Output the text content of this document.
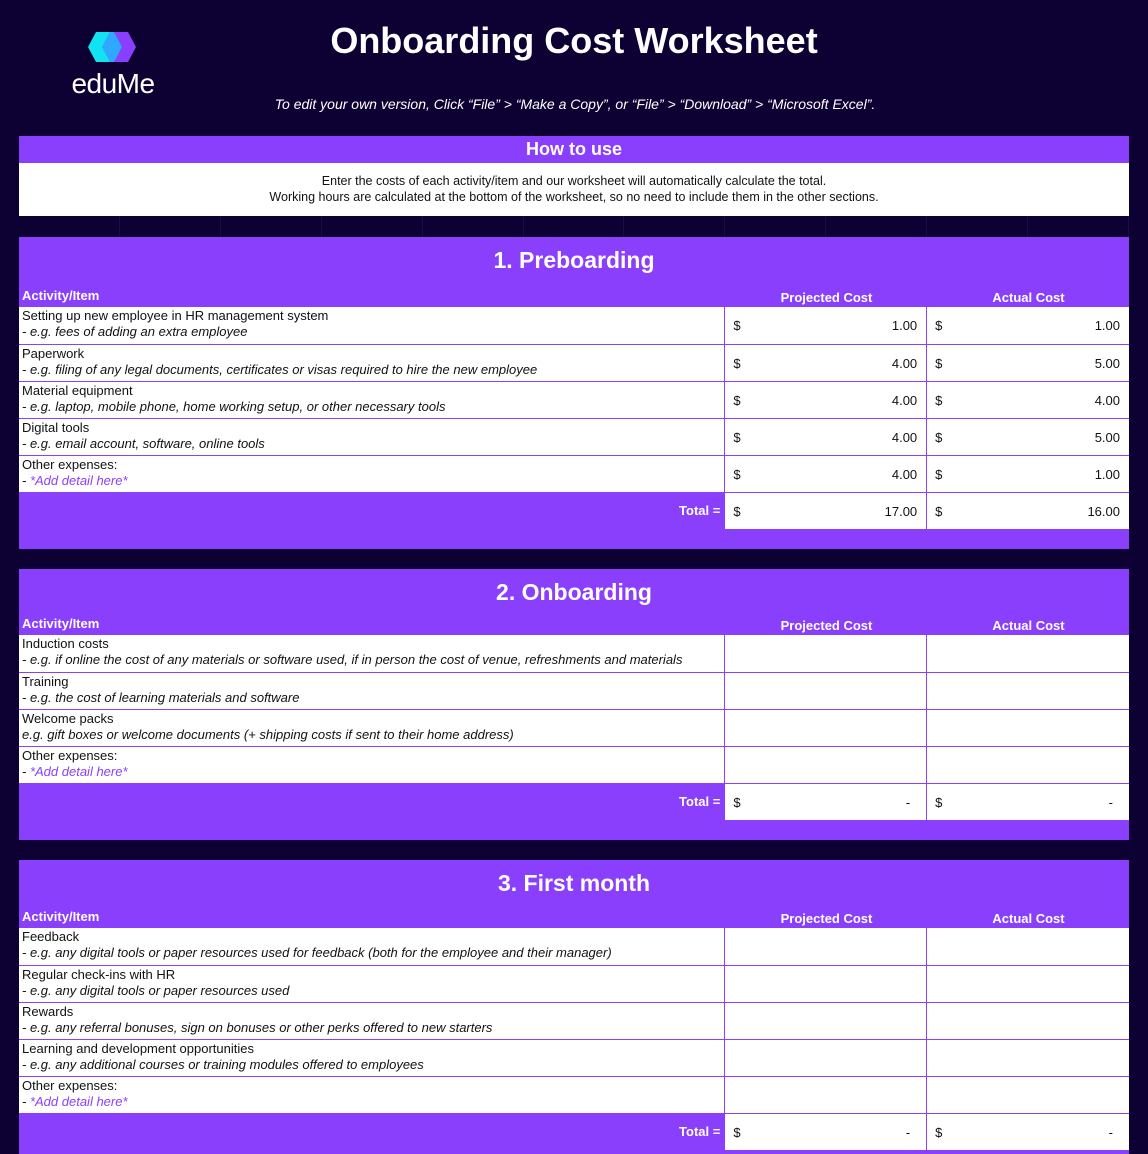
eduMe
Onboarding Cost Worksheet
To edit your own version, Click “File” > “Make a Copy”, or “File” > “Download” > “Microsoft Excel”.
How to use
Enter the costs of each activity/item and our worksheet will automatically calculate the total.
Working hours are calculated at the bottom of the worksheet, so no need to include them in the other sections.
1. Preboarding
Activity/Item	Projected Cost	Actual Cost
Setting up new employee in HR management system
- e.g. fees of adding an extra employee	$	1.00 $	1.00
Paperwork
- e.g. filing of any legal documents, certificates or visas required to hire the new employee	$	4.00 $	5.00
Material equipment
- e.g. laptop, mobile phone, home working setup, or other necessary tools	$	4.00 $	4.00
Digital tools
- e.g. email account, software, online tools	$	4.00 $	5.00
Other expenses:
- *Add detail here*	$	4.00 $	1.00
Total =	$	17.00 $	16.00
2. Onboarding
Activity/Item	Projected Cost	Actual Cost
Induction costs
- e.g. if online the cost of any materials or software used, if in person the cost of venue, refreshments and materials
Training
- e.g. the cost of learning materials and software
Welcome packs
e.g. gift boxes or welcome documents (+ shipping costs if sent to their home address)
Other expenses:
- *Add detail here*
Total =	$	- $	-
3. First month
Activity/Item	Projected Cost	Actual Cost
Feedback
- e.g. any digital tools or paper resources used for feedback (both for the employee and their manager)
Regular check-ins with HR
- e.g. any digital tools or paper resources used
Rewards
- e.g. any referral bonuses, sign on bonuses or other perks offered to new starters
Learning and development opportunities
- e.g. any additional courses or training modules offered to employees
Other expenses:
- *Add detail here*
Total =	$	- $	-
